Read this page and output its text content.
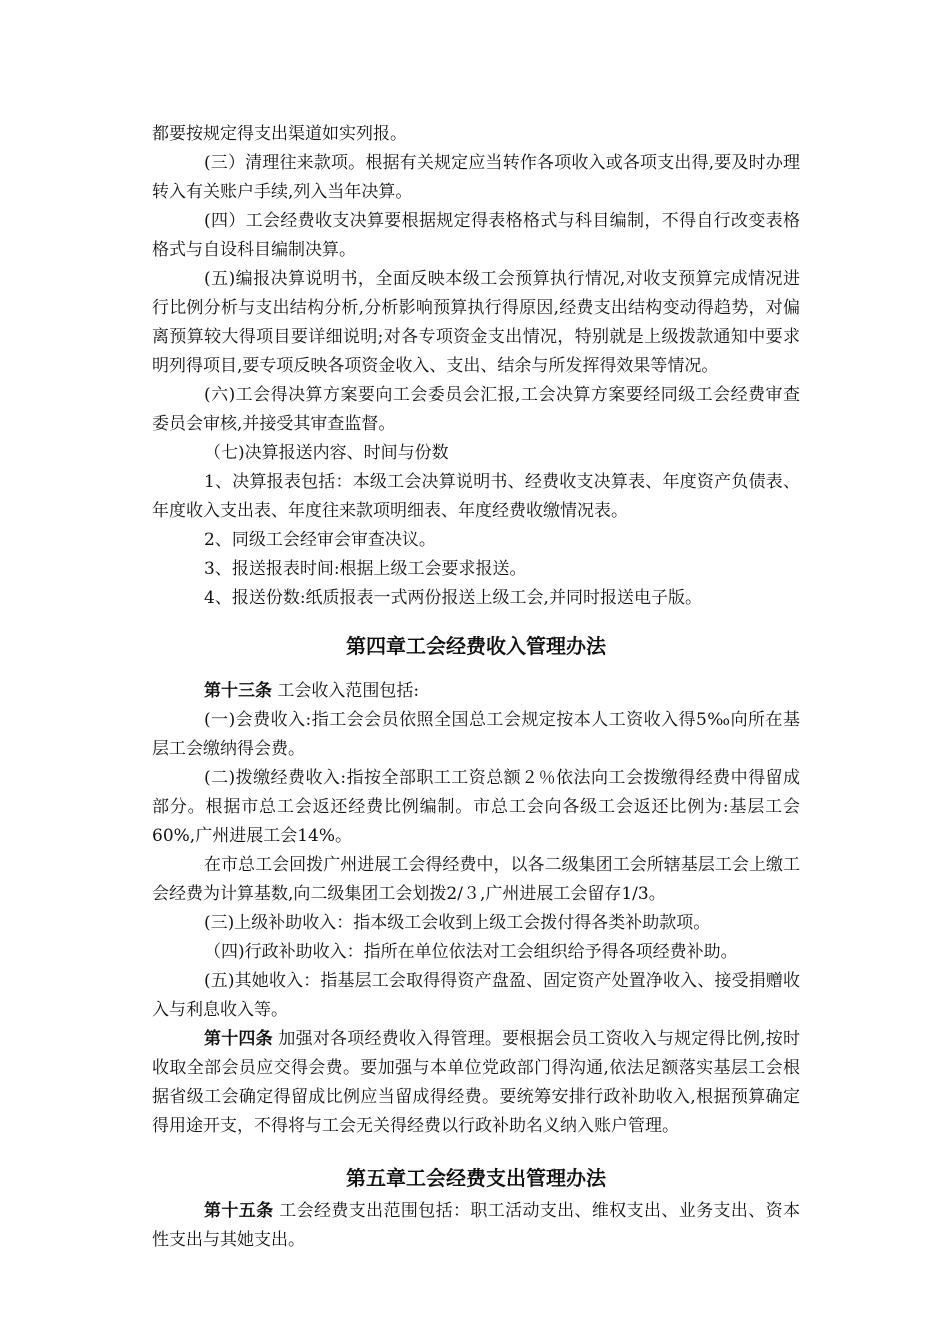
都要按规定得支出渠道如实列报。

(三）清理往来款项。根据有关规定应当转作各项收入或各项支出得,要及时办理转入有关账户手续,列入当年决算。

(四）工会经费收支决算要根据规定得表格格式与科目编制，不得自行改变表格格式与自设科目编制决算。

(五)编报决算说明书，全面反映本级工会预算执行情况,对收支预算完成情况进行比例分析与支出结构分析,分析影响预算执行得原因,经费支出结构变动得趋势，对偏离预算较大得项目要详细说明;对各专项资金支出情况，特别就是上级拨款通知中要求明列得项目,要专项反映各项资金收入、支出、结余与所发挥得效果等情况。

(六)工会得决算方案要向工会委员会汇报,工会决算方案要经同级工会经费审查委员会审核,并接受其审查监督。

（七)决算报送内容、时间与份数

1、决算报表包括：本级工会决算说明书、经费收支决算表、年度资产负债表、年度收入支出表、年度往来款项明细表、年度经费收缴情况表。

2、同级工会经审会审查决议。

3、报送报表时间:根据上级工会要求报送。

4、报送份数:纸质报表一式两份报送上级工会,并同时报送电子版。

第四章工会经费收入管理办法

第十三条 工会收入范围包括:

(一)会费收入:指工会会员依照全国总工会规定按本人工资收入得5‰向所在基层工会缴纳得会费。

(二)拨缴经费收入:指按全部职工工资总额２％依法向工会拨缴得经费中得留成部分。根据市总工会返还经费比例编制。市总工会向各级工会返还比例为:基层工会60%,广州进展工会14%。

在市总工会回拨广州进展工会得经费中，以各二级集团工会所辖基层工会上缴工会经费为计算基数,向二级集团工会划拨2/３,广州进展工会留存1/3。

(三)上级补助收入：指本级工会收到上级工会拨付得各类补助款项。

（四)行政补助收入：指所在单位依法对工会组织给予得各项经费补助。

(五)其她收入：指基层工会取得得资产盘盈、固定资产处置净收入、接受捐赠收入与利息收入等。

第十四条 加强对各项经费收入得管理。要根据会员工资收入与规定得比例,按时收取全部会员应交得会费。要加强与本单位党政部门得沟通,依法足额落实基层工会根据省级工会确定得留成比例应当留成得经费。要统筹安排行政补助收入,根据预算确定得用途开支，不得将与工会无关得经费以行政补助名义纳入账户管理。

第五章工会经费支出管理办法

第十五条 工会经费支出范围包括：职工活动支出、维权支出、业务支出、资本性支出与其她支出。
